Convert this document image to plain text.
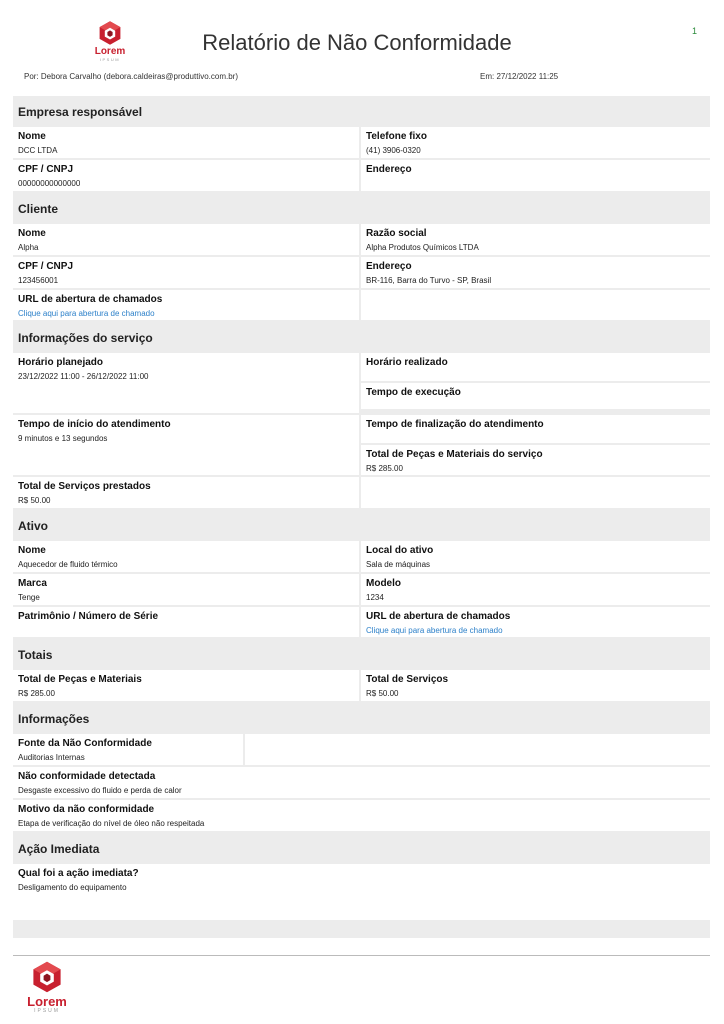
1
Lorem
IPSUM
Relatório de Não Conformidade
Por: Debora Carvalho (debora.caldeiras@produttivo.com.br)	Em: 27/12/2022 11:25
Empresa responsável
Nome
DCC LTDA
Telefone fixo
(41) 3906-0320
CPF / CNPJ
00000000000000
Endereço
Cliente
Nome
Alpha
Razão social
Alpha Produtos Químicos LTDA
CPF / CNPJ
123456001
Endereço
BR-116, Barra do Turvo - SP, Brasil
URL de abertura de chamados
Clique aqui para abertura de chamado
Informações do serviço
Horário planejado
23/12/2022 11:00 - 26/12/2022 11:00
Horário realizado
Tempo de execução
Tempo de início do atendimento
9 minutos e 13 segundos
Tempo de finalização do atendimento
Total de Peças e Materiais do serviço
R$ 285.00
Total de Serviços prestados
R$ 50.00
Ativo
Nome
Aquecedor de fluido térmico
Local do ativo
Sala de máquinas
Marca
Tenge
Modelo
1234
Patrimônio / Número de Série	URL de abertura de chamados
Clique aqui para abertura de chamado
Totais
Total de Peças e Materiais
R$ 285.00
Total de Serviços
R$ 50.00
Informações
Fonte da Não Conformidade
Auditorias Internas
Não conformidade detectada
Desgaste excessivo do fluido e perda de calor
Motivo da não conformidade
Etapa de verificação do nível de óleo não respeitada
Ação Imediata
Qual foi a ação imediata?
Desligamento do equipamento
Lorem
IPSUM
